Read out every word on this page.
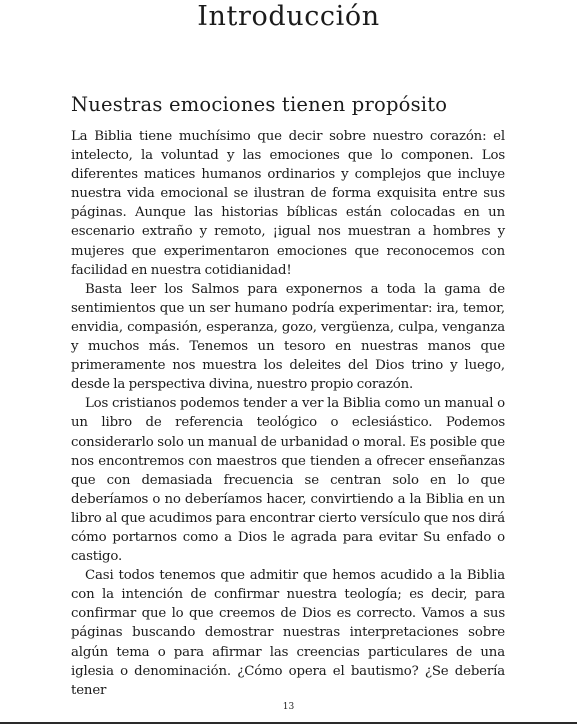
Introducción
Nuestras emociones tienen propósito

La Biblia tiene muchísimo que decir sobre nuestro corazón: el intelecto, la voluntad y las emociones que lo componen. Los diferentes matices humanos ordinarios y complejos que incluye nuestra vida emocional se ilustran de forma exquisita entre sus páginas. Aunque las historias bíblicas están colocadas en un escenario extraño y remoto, ¡igual nos muestran a hombres y mujeres que experimentaron emociones que reconocemos con facilidad en nuestra cotidianidad!

Basta leer los Salmos para exponernos a toda la gama de sentimientos que un ser humano podría experimentar: ira, temor, envidia, compasión, esperanza, gozo, vergüenza, culpa, venganza y muchos más. Tenemos un tesoro en nuestras manos que primeramente nos muestra los deleites del Dios trino y luego, desde la perspectiva divina, nuestro propio corazón.

Los cristianos podemos tender a ver la Biblia como un manual o un libro de referencia teológico o eclesiástico. Podemos considerarlo solo un manual de urbanidad o moral. Es posible que nos encontremos con maestros que tienden a ofrecer enseñanzas que con demasiada frecuencia se centran solo en lo que deberíamos o no deberíamos hacer, convirtiendo a la Biblia en un libro al que acudimos para encontrar cierto versículo que nos dirá cómo portarnos como a Dios le agrada para evitar Su enfado o castigo.

Casi todos tenemos que admitir que hemos acudido a la Biblia con la intención de confirmar nuestra teología; es decir, para confirmar que lo que creemos de Dios es correcto. Vamos a sus páginas buscando demostrar nuestras interpretaciones sobre algún tema o para afirmar las creencias particulares de una iglesia o denominación. ¿Cómo opera el bautismo? ¿Se debería tener

13
